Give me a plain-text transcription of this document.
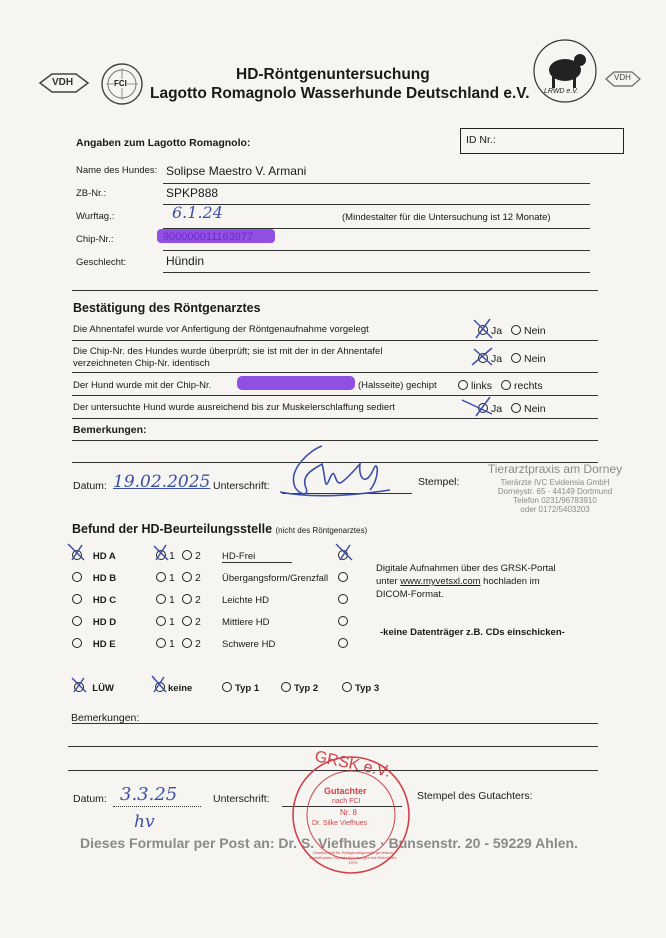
VDH	FCI
HD-Röntgenuntersuchung
Lagotto Romagnolo Wasserhunde Deutschland e.V. LRWD e.V.
VDH
Angaben zum Lagotto Romagnolo:	ID Nr.:
Name des Hundes: Solipse Maestro V. Armani
ZB-Nr.:	SPKP888
Wurftag.:	6.1.24	(Mindestalter für die Untersuchung ist 12 Monate)
Chip-Nr.:
Geschlecht:	Hündin
Bestätigung des Röntgenarztes
Die Ahnentafel wurde vor Anfertigung der Röntgenaufnahme vorgelegt	Ja	Nein
Die Chip-Nr. des Hundes wurde überprüft; sie ist mit der in der Ahnentafel
verzeichneten Chip-Nr. identisch	Ja	Nein
Der Hund wurde mit der Chip-Nr.	(Halsseite) gechipt	links	rechts
Der untersuchte Hund wurde ausreichend bis zur Muskelerschlaffung sediert	Ja	Nein
Bemerkungen:
Datum: 19.02.2025 Unterschrift:	Stempel:
Tierarztpraxis am Dorney
Tierärzte IVC Evidensia GmbH
Dorneystr. 65 · 44149 Dortmund
Telefon 0231/96783910
oder 0172/5403203
Befund der HD-Beurteilungsstelle (nicht des Röntgenarztes)
HD A	1	2 HD-Frei
HD B	1	2 Übergangsform/Grenzfall
HD C	1	2 Leichte HD
HD D	1	2 Mittlere HD
HD E	1	2 Schwere HD
Digitale Aufnahmen über des GRSK-Portal
unter www.myvetsxl.com hochladen im
DICOM-Format.
-keine Datenträger z.B. CDs einschicken-
LÜW	keine	Typ 1	Typ 2	Typ 3
Bemerkungen:
Datum: 3.3.25
hv
Unterschrift:	Stempel des Gutachters:
Dieses Formular per Post an: Dr. S. Viefhues · Bunsenstr. 20 - 59229 Ahlen.
GRSK e.V.
Gutachter
nach FCI
Nr. 8
Dr. Silke Viefhues
Gesellschaft für Röntgendiagnostik genetisch beeinflusster Skeletterkrankungen bei Kleintieren 1979
